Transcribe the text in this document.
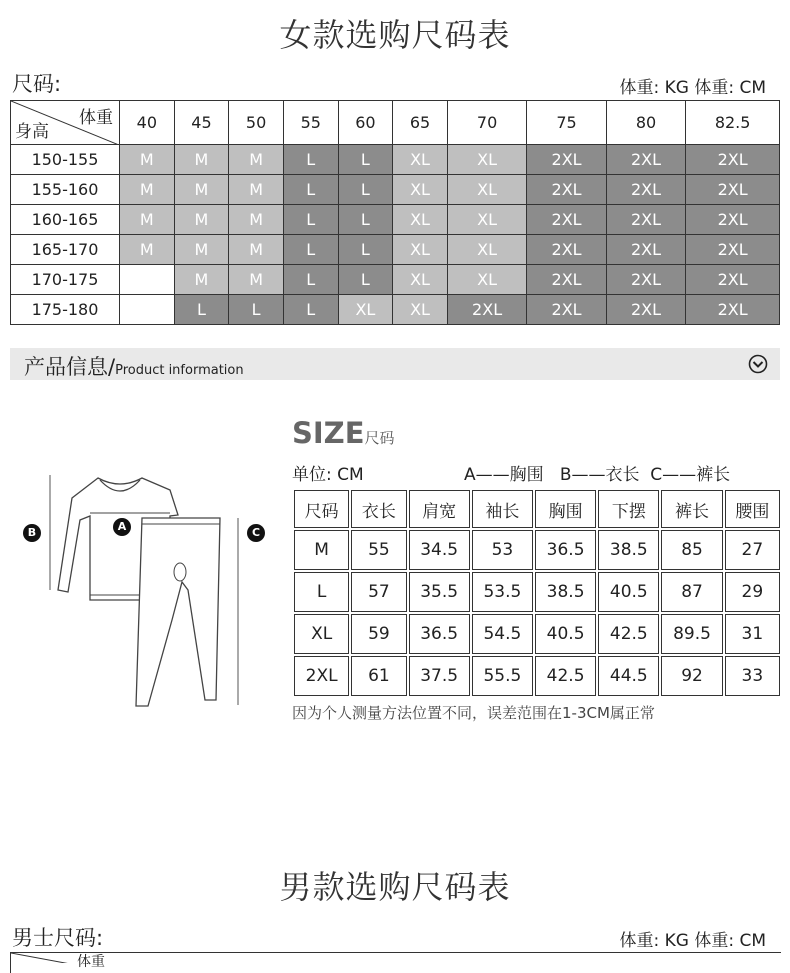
女款选购尺码表
尺码:	体重: KG 体重: CM
体重
身高	40	45	50	55	60	65	70	75	80	82.5
150-155	M	M	M	L	L	XL	XL	2XL	2XL	2XL
155-160	M	M	M	L	L	XL	XL	2XL	2XL	2XL
160-165	M	M	M	L	L	XL	XL	2XL	2XL	2XL
165-170	M	M	M	L	L	XL	XL	2XL	2XL	2XL
170-175		M	M	L	L	XL	XL	2XL	2XL	2XL
175-180		L	L	L	XL	XL	2XL	2XL	2XL	2XL
产品信息/Product information
B	A	C
SIZE尺码
单位: CM	A——胸围   B——衣长  C——裤长
尺码	衣长	肩宽	袖长	胸围	下摆	裤长	腰围
M	55	34.5	53	36.5	38.5	85	27
L	57	35.5	53.5	38.5	40.5	87	29
XL	59	36.5	54.5	40.5	42.5	89.5	31
2XL	61	37.5	55.5	42.5	44.5	92	33
因为个人测量方法位置不同，误差范围在1-3CM属正常
男款选购尺码表
男士尺码:	体重: KG 体重: CM
体重
